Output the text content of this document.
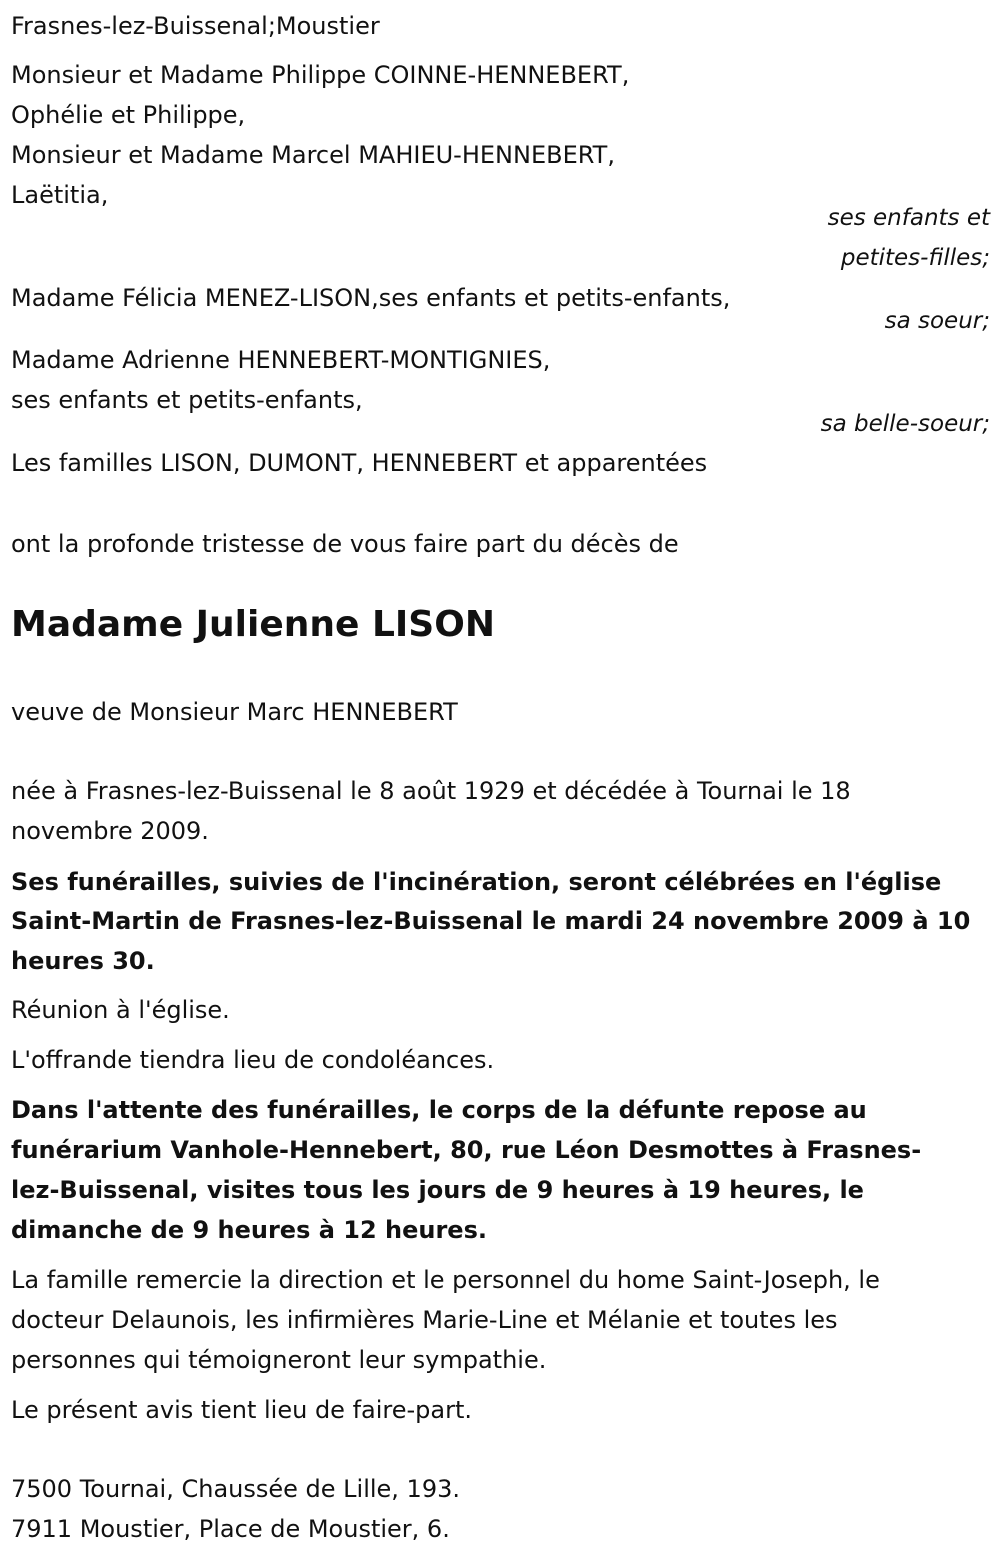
Frasnes-lez-Buissenal;Moustier
Monsieur et Madame Philippe COINNE-HENNEBERT,
Ophélie et Philippe,
Monsieur et Madame Marcel MAHIEU-HENNEBERT,
Laëtitia,
ses enfants et
petites-filles;
Madame Félicia MENEZ-LISON,ses enfants et petits-enfants,
sa soeur;
Madame Adrienne HENNEBERT-MONTIGNIES,
ses enfants et petits-enfants,
sa belle-soeur;
Les familles LISON, DUMONT, HENNEBERT et apparentées
ont la profonde tristesse de vous faire part du décès de
Madame Julienne LISON
veuve de Monsieur Marc HENNEBERT
née à Frasnes-lez-Buissenal le 8 août 1929 et décédée à Tournai le 18
novembre 2009.
Ses funérailles, suivies de l'incinération, seront célébrées en l'église
Saint-Martin de Frasnes-lez-Buissenal le mardi 24 novembre 2009 à 10
heures 30.
Réunion à l'église.
L'offrande tiendra lieu de condoléances.
Dans l'attente des funérailles, le corps de la défunte repose au
funérarium Vanhole-Hennebert, 80, rue Léon Desmottes à Frasnes-
lez-Buissenal, visites tous les jours de 9 heures à 19 heures, le
dimanche de 9 heures à 12 heures.
La famille remercie la direction et le personnel du home Saint-Joseph, le
docteur Delaunois, les infirmières Marie-Line et Mélanie et toutes les
personnes qui témoigneront leur sympathie.
Le présent avis tient lieu de faire-part.
7500 Tournai, Chaussée de Lille, 193.
7911 Moustier, Place de Moustier, 6.
